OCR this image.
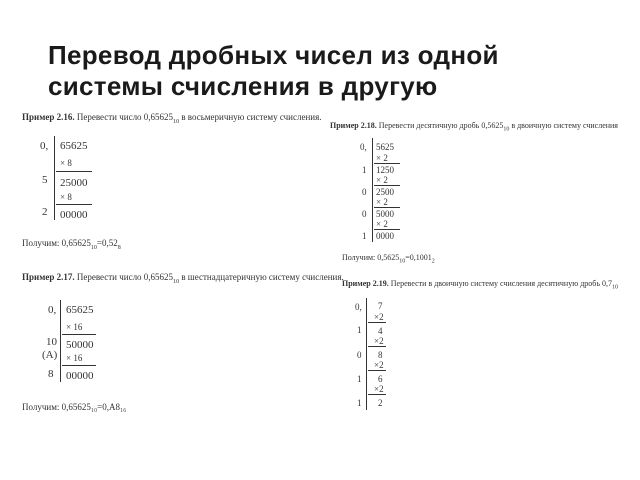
Перевод дробных чисел из одной системы счисления в другую
Пример 2.16. Перевести число $0,65625_{10}$ в восьмеричную систему счисления.
0, 65625
× 8
5 25000
× 8
2 00000
Получим: $0,65625_{10}=0,52_8$
Пример 2.17. Перевести число $0,65625_{10}$ в шестнадцатеричную систему счисления.
0, 65625
× 16
10 50000
(A) × 16
8 00000
Получим: 0,65625₁₀=0,A8₁₆
Пример 2.18. Перевести десятичную дробь $0,5625_{10}$ в двоичную систему счисления
0, 5625
× 2
1 1250
× 2
0 2500
× 2
0 5000
× 2
1 0000
Получим: $0,5625_{10}=0,1001_2$
Пример 2.19. Перевести в двоичную систему счисления десятичную дробь $0,7_{10}$
0, 7
×2
1 4
×2
0 8
×2
1 6
×2
1 2
